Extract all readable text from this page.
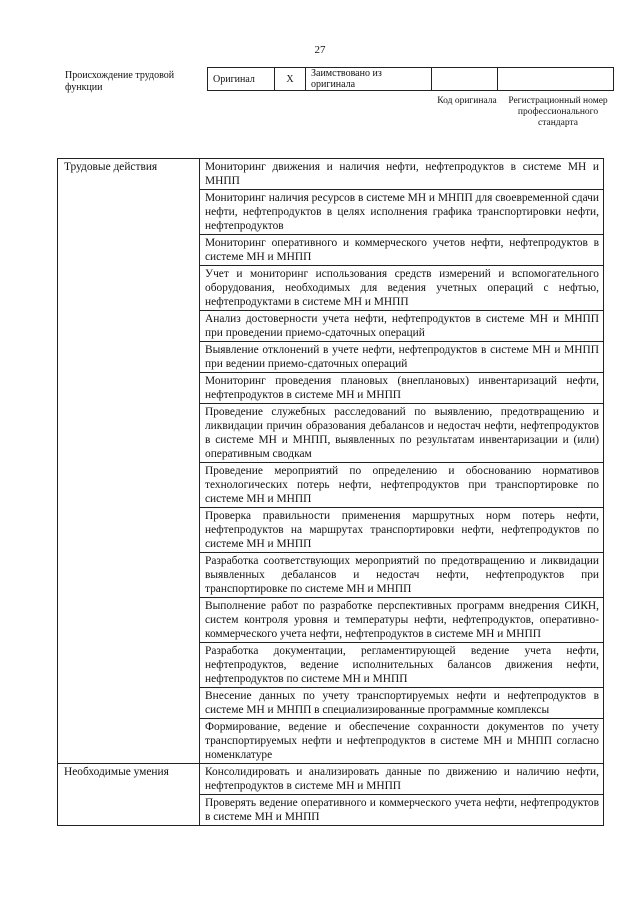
27
Происхождение трудовой функции
Оригинал	X	Заимствовано из оригинала		
Код оригинала	Регистрационный номер профессионального стандарта
Трудовые действия	Мониторинг движения и наличия нефти, нефтепродуктов в системе МН и МНПП
	Мониторинг наличия ресурсов в системе МН и МНПП для своевременной сдачи нефти, нефтепродуктов в целях исполнения графика транспортировки нефти, нефтепродуктов
	Мониторинг оперативного и коммерческого учетов нефти, нефтепродуктов в системе МН и МНПП
	Учет и мониторинг использования средств измерений и вспомогательного оборудования, необходимых для ведения учетных операций с нефтью, нефтепродуктами в системе МН и МНПП
	Анализ достоверности учета нефти, нефтепродуктов в системе МН и МНПП при проведении приемо-сдаточных операций
	Выявление отклонений в учете нефти, нефтепродуктов в системе МН и МНПП при ведении приемо-сдаточных операций
	Мониторинг проведения плановых (внеплановых) инвентаризаций нефти, нефтепродуктов в системе МН и МНПП
	Проведение служебных расследований по выявлению, предотвращению и ликвидации причин образования дебалансов и недостач нефти, нефтепродуктов в системе МН и МНПП, выявленных по результатам инвентаризации и (или) оперативным сводкам
	Проведение мероприятий по определению и обоснованию нормативов технологических потерь нефти, нефтепродуктов при транспортировке по системе МН и МНПП
	Проверка правильности применения маршрутных норм потерь нефти, нефтепродуктов на маршрутах транспортировки нефти, нефтепродуктов по системе МН и МНПП
	Разработка соответствующих мероприятий по предотвращению и ликвидации выявленных дебалансов и недостач нефти, нефтепродуктов при транспортировке по системе МН и МНПП
	Выполнение работ по разработке перспективных программ внедрения СИКН, систем контроля уровня и температуры нефти, нефтепродуктов, оперативно-коммерческого учета нефти, нефтепродуктов в системе МН и МНПП
	Разработка документации, регламентирующей ведение учета нефти, нефтепродуктов, ведение исполнительных балансов движения нефти, нефтепродуктов по системе МН и МНПП
	Внесение данных по учету транспортируемых нефти и нефтепродуктов в системе МН и МНПП в специализированные программные комплексы
	Формирование, ведение и обеспечение сохранности документов по учету транспортируемых нефти и нефтепродуктов в системе МН и МНПП согласно номенклатуре
Необходимые умения	Консолидировать и анализировать данные по движению и наличию нефти, нефтепродуктов в системе МН и МНПП
	Проверять ведение оперативного и коммерческого учета нефти, нефтепродуктов в системе МН и МНПП
